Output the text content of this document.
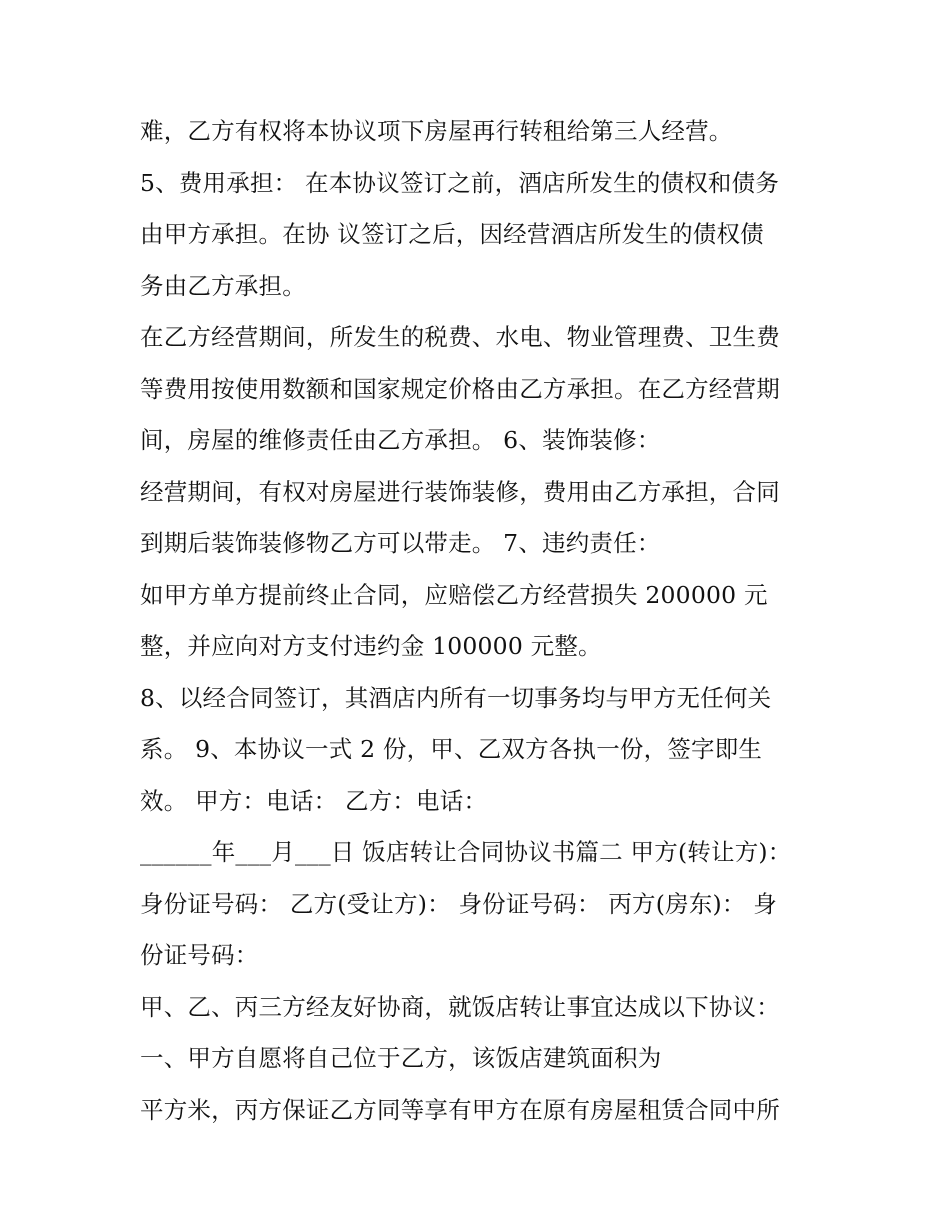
难，乙方有权将本协议项下房屋再行转租给第三人经营。
5、费用承担： 在本协议签订之前，酒店所发生的债权和债务
由甲方承担。在协 议签订之后，因经营酒店所发生的债权债
务由乙方承担。
在乙方经营期间，所发生的税费、水电、物业管理费、卫生费
等费用按使用数额和国家规定价格由乙方承担。在乙方经营期
间，房屋的维修责任由乙方承担。 6、装饰装修：
经营期间，有权对房屋进行装饰装修，费用由乙方承担，合同
到期后装饰装修物乙方可以带走。 7、违约责任：
如甲方单方提前终止合同，应赔偿乙方经营损失 200000 元
整，并应向对方支付违约金 100000 元整。
8、以经合同签订，其酒店内所有一切事务均与甲方无任何关
系。 9、本协议一式 2 份，甲、乙双方各执一份，签字即生
效。 甲方：电话： 乙方：电话：
______年___月___日 饭店转让合同协议书篇二 甲方(转让方)：
身份证号码： 乙方(受让方)： 身份证号码： 丙方(房东)： 身
份证号码：
甲、乙、丙三方经友好协商，就饭店转让事宜达成以下协议：
一、甲方自愿将自己位于乙方，该饭店建筑面积为
平方米，丙方保证乙方同等享有甲方在原有房屋租赁合同中所
